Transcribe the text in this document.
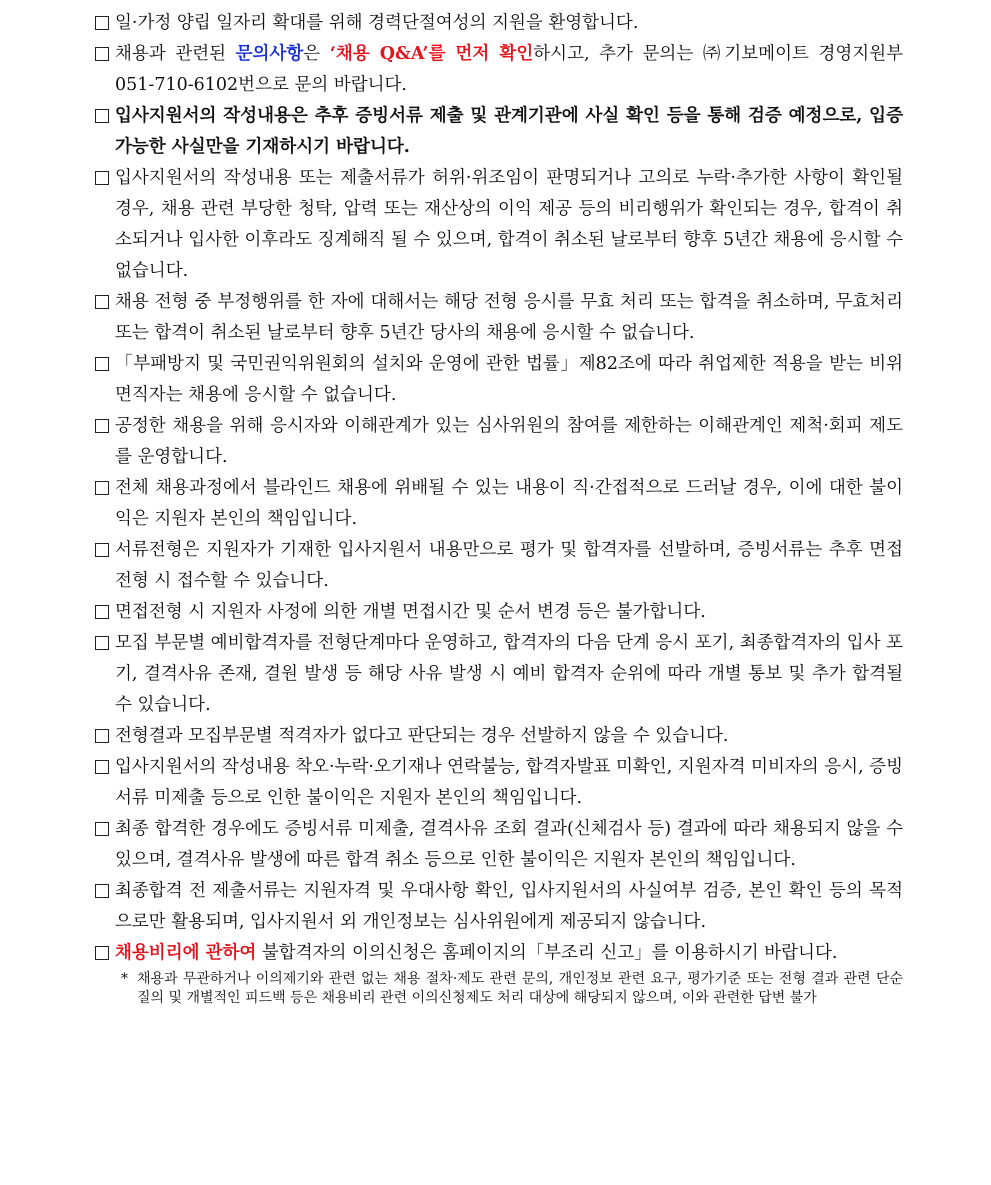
일·가정 양립 일자리 확대를 위해 경력단절여성의 지원을 환영합니다.

채용과 관련된 문의사항은 ‘채용 Q&A’를 먼저 확인하시고, 추가 문의는 ㈜기보메이트 경영지원부 051-710-6102번으로 문의 바랍니다.

입사지원서의 작성내용은 추후 증빙서류 제출 및 관계기관에 사실 확인 등을 통해 검증 예정으로, 입증 가능한 사실만을 기재하시기 바랍니다.

입사지원서의 작성내용 또는 제출서류가 허위·위조임이 판명되거나 고의로 누락·추가한 사항이 확인될 경우, 채용 관련 부당한 청탁, 압력 또는 재산상의 이익 제공 등의 비리행위가 확인되는 경우, 합격이 취소되거나 입사한 이후라도 징계해직 될 수 있으며, 합격이 취소된 날로부터 향후 5년간 채용에 응시할 수 없습니다.

채용 전형 중 부정행위를 한 자에 대해서는 해당 전형 응시를 무효 처리 또는 합격을 취소하며, 무효처리 또는 합격이 취소된 날로부터 향후 5년간 당사의 채용에 응시할 수 없습니다.

「부패방지 및 국민권익위원회의 설치와 운영에 관한 법률」제82조에 따라 취업제한 적용을 받는 비위면직자는 채용에 응시할 수 없습니다.

공정한 채용을 위해 응시자와 이해관계가 있는 심사위원의 참여를 제한하는 이해관계인 제척·회피 제도를 운영합니다.

전체 채용과정에서 블라인드 채용에 위배될 수 있는 내용이 직·간접적으로 드러날 경우, 이에 대한 불이익은 지원자 본인의 책임입니다.

서류전형은 지원자가 기재한 입사지원서 내용만으로 평가 및 합격자를 선발하며, 증빙서류는 추후 면접전형 시 접수할 수 있습니다.

면접전형 시 지원자 사정에 의한 개별 면접시간 및 순서 변경 등은 불가합니다.

모집 부문별 예비합격자를 전형단계마다 운영하고, 합격자의 다음 단계 응시 포기, 최종합격자의 입사 포기, 결격사유 존재, 결원 발생 등 해당 사유 발생 시 예비 합격자 순위에 따라 개별 통보 및 추가 합격될 수 있습니다.

전형결과 모집부문별 적격자가 없다고 판단되는 경우 선발하지 않을 수 있습니다.

입사지원서의 작성내용 착오·누락·오기재나 연락불능, 합격자발표 미확인, 지원자격 미비자의 응시, 증빙서류 미제출 등으로 인한 불이익은 지원자 본인의 책임입니다.

최종 합격한 경우에도 증빙서류 미제출, 결격사유 조회 결과(신체검사 등) 결과에 따라 채용되지 않을 수 있으며, 결격사유 발생에 따른 합격 취소 등으로 인한 불이익은 지원자 본인의 책임입니다.

최종합격 전 제출서류는 지원자격 및 우대사항 확인, 입사지원서의 사실여부 검증, 본인 확인 등의 목적으로만 활용되며, 입사지원서 외 개인정보는 심사위원에게 제공되지 않습니다.

채용비리에 관하여 불합격자의 이의신청은 홈페이지의「부조리 신고」를 이용하시기 바랍니다.

* 채용과 무관하거나 이의제기와 관련 없는 채용 절차·제도 관련 문의, 개인정보 관련 요구, 평가기준 또는 전형 결과 관련 단순 질의 및 개별적인 피드백 등은 채용비리 관련 이의신청제도 처리 대상에 해당되지 않으며, 이와 관련한 답변 불가
